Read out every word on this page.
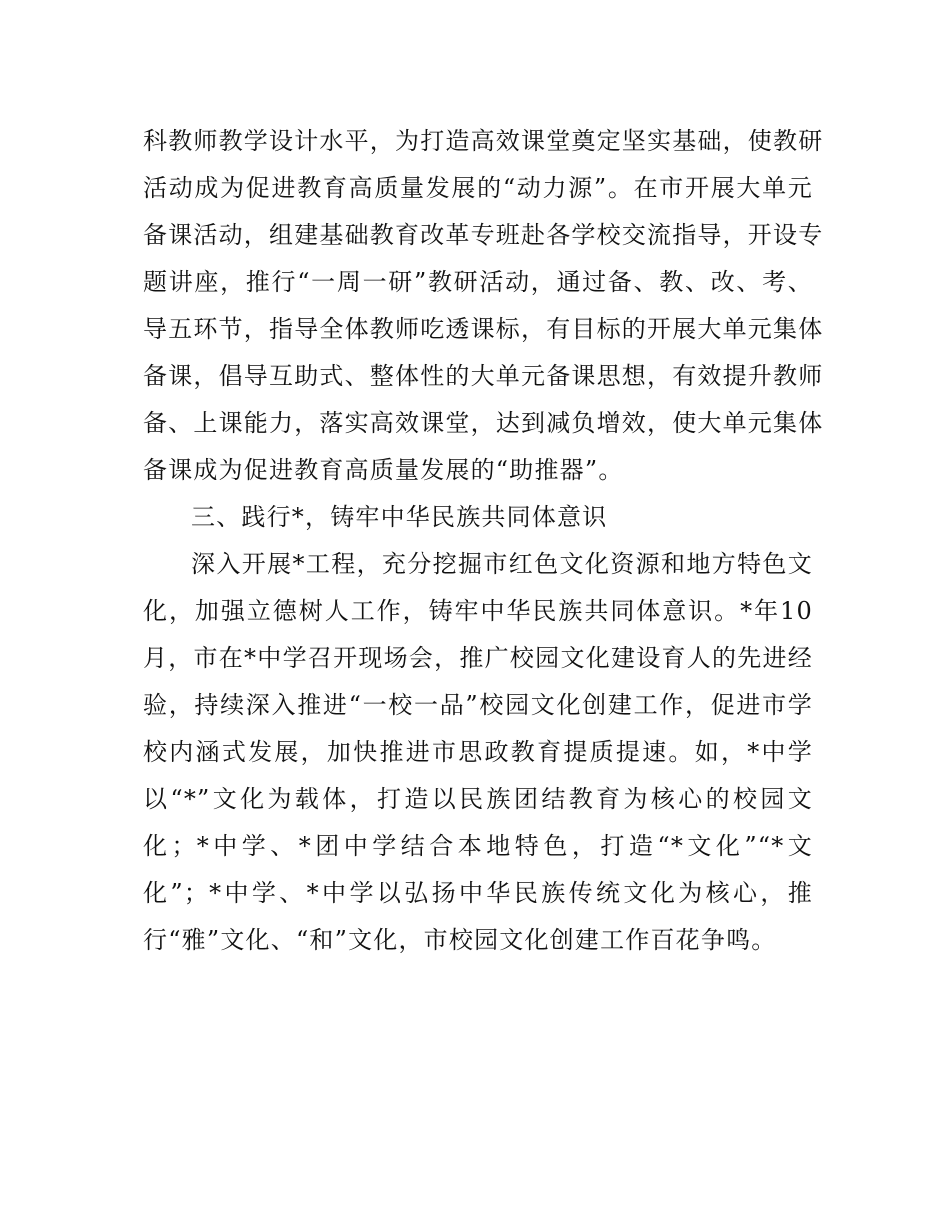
科教师教学设计水平，为打造高效课堂奠定坚实基础，使教研
活动成为促进教育高质量发展的“动力源”。在市开展大单元
备课活动，组建基础教育改革专班赴各学校交流指导，开设专
题讲座，推行“一周一研”教研活动，通过备、教、改、考、
导五环节，指导全体教师吃透课标，有目标的开展大单元集体
备课，倡导互助式、整体性的大单元备课思想，有效提升教师
备、上课能力，落实高效课堂，达到减负增效，使大单元集体
备课成为促进教育高质量发展的“助推器”。
三、践行*，铸牢中华民族共同体意识
深入开展*工程，充分挖掘市红色文化资源和地方特色文
化，加强立德树人工作，铸牢中华民族共同体意识。*年10
月，市在*中学召开现场会，推广校园文化建设育人的先进经
验，持续深入推进“一校一品”校园文化创建工作，促进市学
校内涵式发展，加快推进市思政教育提质提速。如，*中学
以“*”文化为载体，打造以民族团结教育为核心的校园文
化；*中学、*团中学结合本地特色，打造“*文化”“*文
化”；*中学、*中学以弘扬中华民族传统文化为核心，推
行“雅”文化、“和”文化，市校园文化创建工作百花争鸣。
